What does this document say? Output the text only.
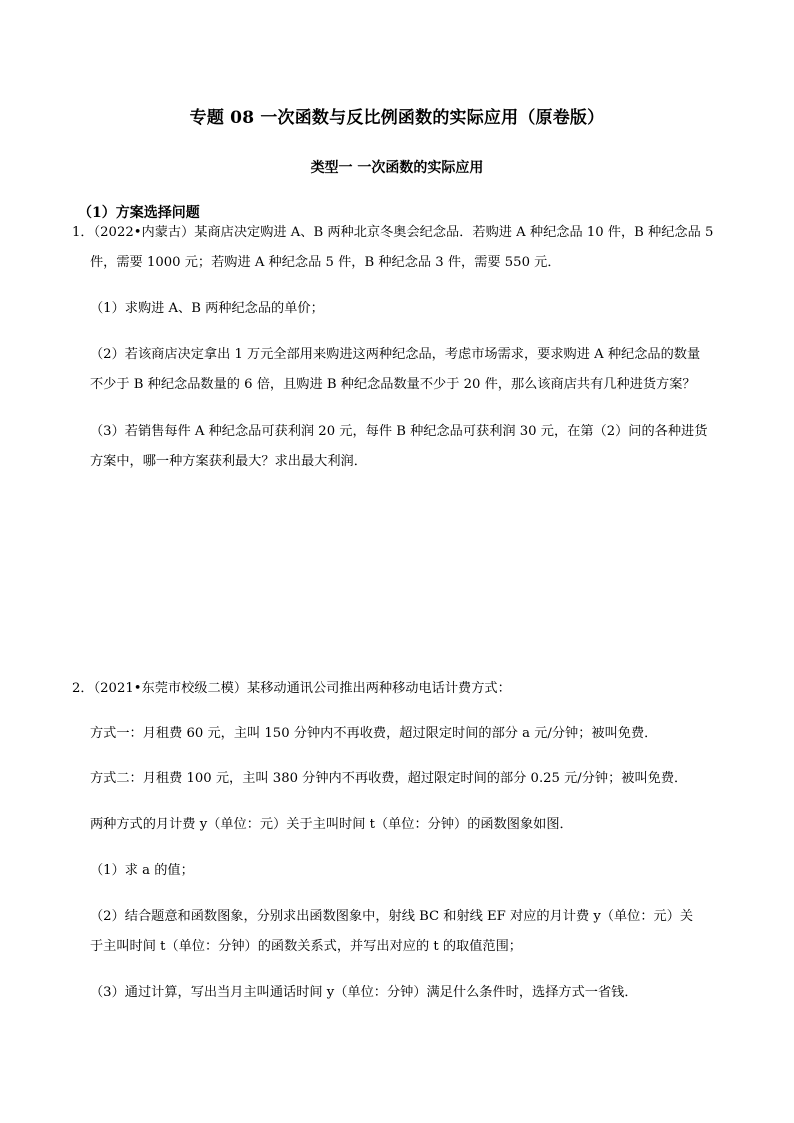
专题 08 一次函数与反比例函数的实际应用（原卷版）
类型一 一次函数的实际应用
（1）方案选择问题
1．（2022•内蒙古）某商店决定购进 A、B 两种北京冬奥会纪念品．若购进 A 种纪念品 10 件，B 种纪念品 5
件，需要 1000 元；若购进 A 种纪念品 5 件，B 种纪念品 3 件，需要 550 元．
（1）求购进 A、B 两种纪念品的单价；
（2）若该商店决定拿出 1 万元全部用来购进这两种纪念品，考虑市场需求，要求购进 A 种纪念品的数量
不少于 B 种纪念品数量的 6 倍，且购进 B 种纪念品数量不少于 20 件，那么该商店共有几种进货方案？
（3）若销售每件 A 种纪念品可获利润 20 元，每件 B 种纪念品可获利润 30 元，在第（2）问的各种进货
方案中，哪一种方案获利最大？求出最大利润．
2．（2021•东莞市校级二模）某移动通讯公司推出两种移动电话计费方式：
方式一：月租费 60 元，主叫 150 分钟内不再收费，超过限定时间的部分 a 元/分钟；被叫免费．
方式二：月租费 100 元，主叫 380 分钟内不再收费，超过限定时间的部分 0.25 元/分钟；被叫免费．
两种方式的月计费 y（单位：元）关于主叫时间 t（单位：分钟）的函数图象如图．
（1）求 a 的值；
（2）结合题意和函数图象，分别求出函数图象中，射线 BC 和射线 EF 对应的月计费 y（单位：元）关
于主叫时间 t（单位：分钟）的函数关系式，并写出对应的 t 的取值范围；
（3）通过计算，写出当月主叫通话时间 y（单位：分钟）满足什么条件时，选择方式一省钱．
